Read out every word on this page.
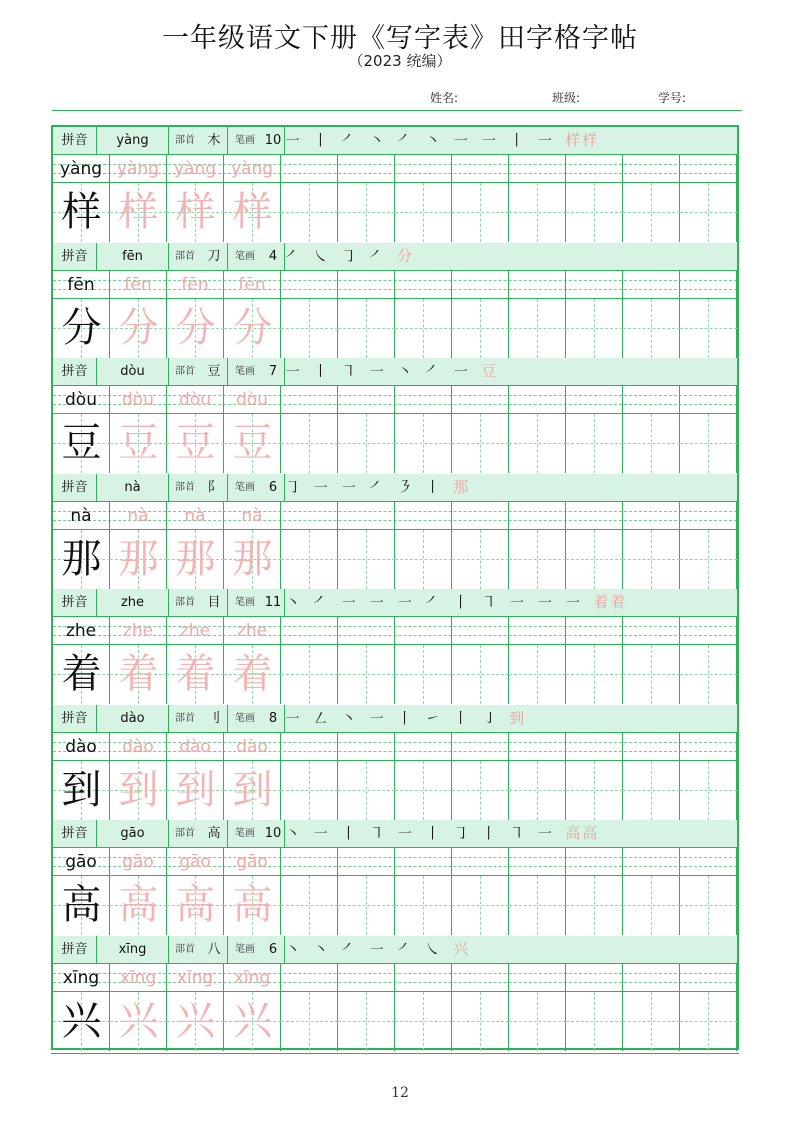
一年级语文下册《写字表》田字格字帖
（2023 统编）
姓名:	班级:	学号:
拼音	yàng	部首 木	笔画 10 ㇐ 丨 ㇒ ㇔ ㇒ ㇔ ㇐ ㇐ 丨 ㇐ 样样
yàng yàng yàng yàng
样 样 样 样
拼音	fēn	部首 刀	笔画	4 ㇒ ㇏ ㇆ ㇒ 分
fēn	fēn	fēn	fēn
分 分 分 分
拼音	dòu	部首 豆	笔画	7 ㇐ ㇑ ㇕ ㇐ ㇔ ㇒ ㇐ 豆
dòu	dòu	dòu	dòu
豆 豆 豆 豆
拼音	nà	部首 阝	笔画	6 ㇆ ㇐ ㇐ ㇒ ㇋ ㇑ 那
nà	nà	nà	nà
那 那 那 那
拼音	zhe	部首 目	笔画 11 ㇔ ㇒ ㇐ ㇐ ㇐ ㇒ 丨 ㇕ ㇐ ㇐ ㇐ 着着
zhe	zhe	zhe	zhe
着 着 着 着
拼音	dào	部首 刂	笔画	8 ㇐ ㇜ ㇔ ㇐ 丨 ㇀ ㇑ ㇚ 到
dào	dào	dào	dào
到 到 到 到
拼音	gāo	部首 高	笔画 10 ㇔ ㇐ 丨 ㇕ ㇐ 丨 ㇆ 丨 ㇕ ㇐ 高高
gāo	gāo	gāo	gāo
高 高 高 高
拼音	xīng	部首 八	笔画	6 ㇔ ㇔ ㇒ ㇐ ㇒ ㇏ 兴
xīng	xīng	xīng	xīng
兴 兴 兴 兴
12
